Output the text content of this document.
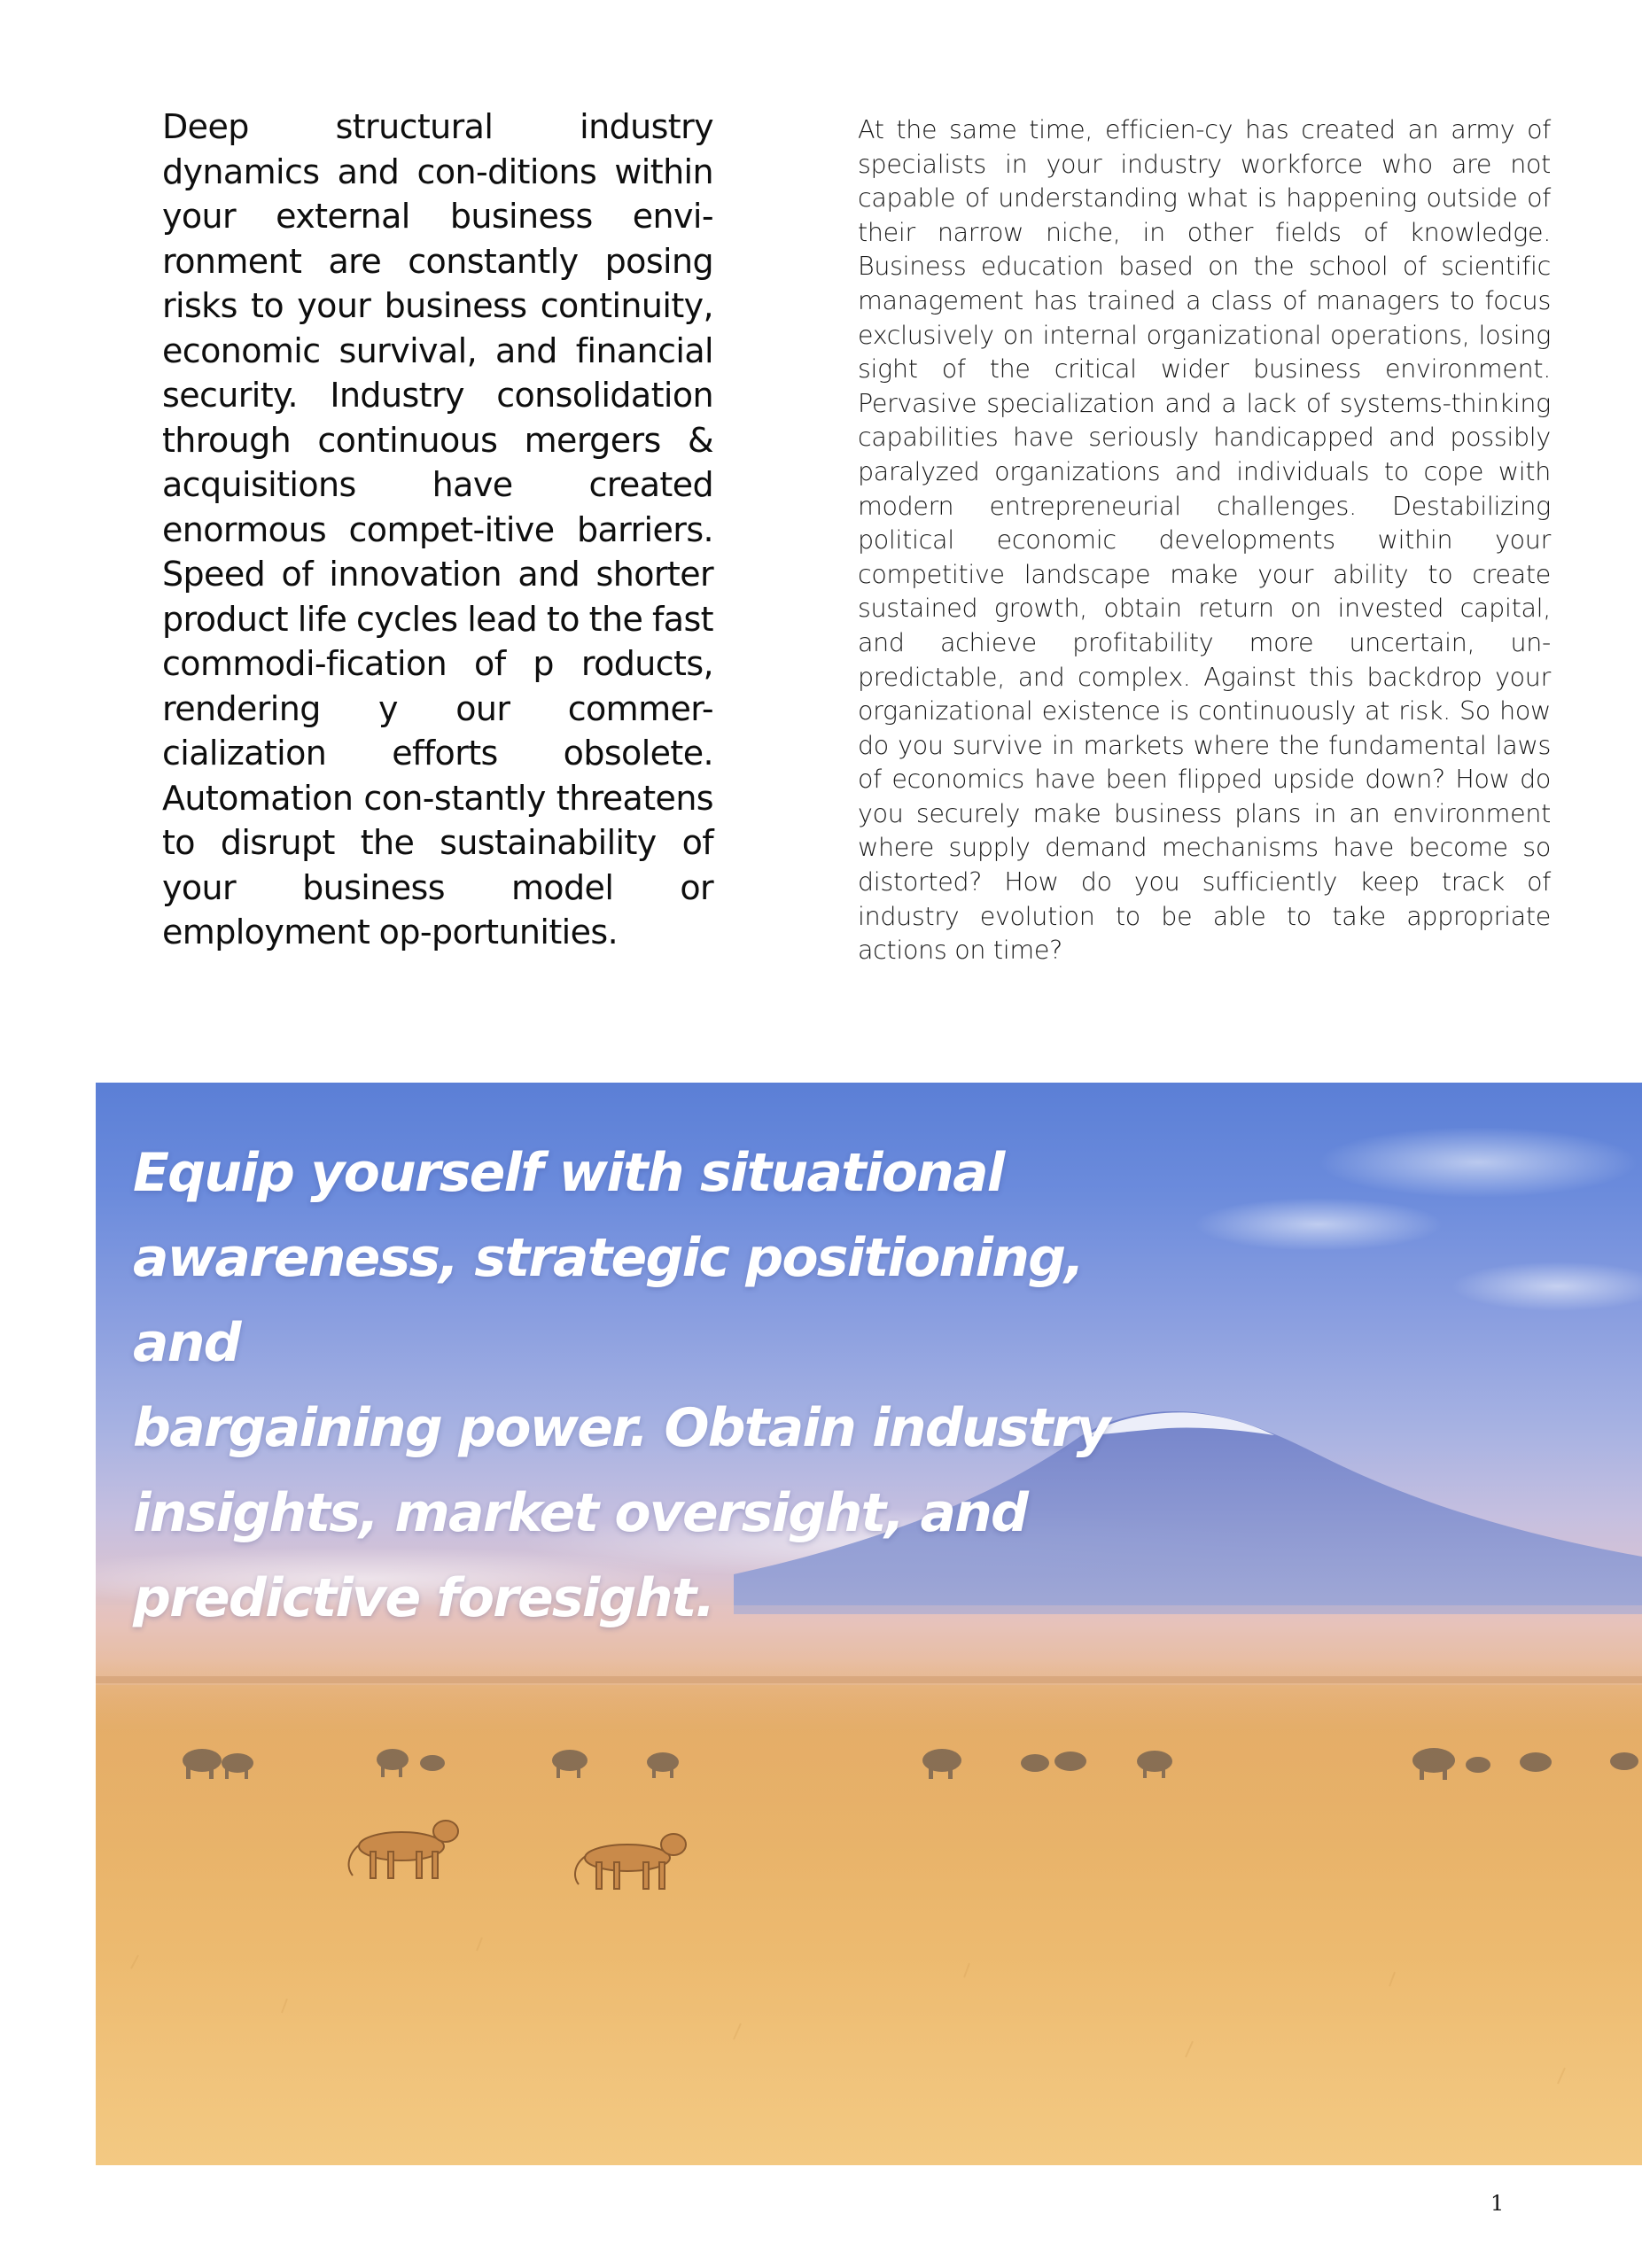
Deep structural industry dynamics and con-ditions within your external business envi-ronment are constantly posing risks to your business continuity, economic survival, and financial security. Industry consolidation through continuous mergers & acquisitions have created enormous compet-itive barriers. Speed of innovation and shorter product life cycles lead to the fast commodi-fication of p roducts, rendering y our commer-cialization efforts obsolete. Automation con-stantly threatens to disrupt the sustainability of your business model or employment op-portunities.

At the same time, efficien-cy has created an army of specialists in your industry workforce who are not capable of understanding what is happening outside of their narrow niche, in other fields of knowledge. Business education based on the school of scientific management has trained a class of managers to focus exclusively on internal organizational operations, losing sight of the critical wider business environment. Pervasive specialization and a lack of systems-thinking capabilities have seriously handicapped and possibly paralyzed organizations and individuals to cope with modern entrepreneurial challenges. Destabilizing political economic developments within your competitive landscape make your ability to create sustained growth, obtain return on invested capital, and achieve profitability more uncertain, un-predictable, and complex. Against this backdrop your organizational existence is continuously at risk. So how do you survive in markets where the fundamental laws of economics have been flipped upside down? How do you securely make business plans in an environment where supply demand mechanisms have become so distorted? How do you sufficiently keep track of industry evolution to be able to take appropriate actions on time?

Equip yourself with situational
awareness, strategic positioning, and
bargaining power. Obtain industry
insights, market oversight, and
predictive foresight.
1
